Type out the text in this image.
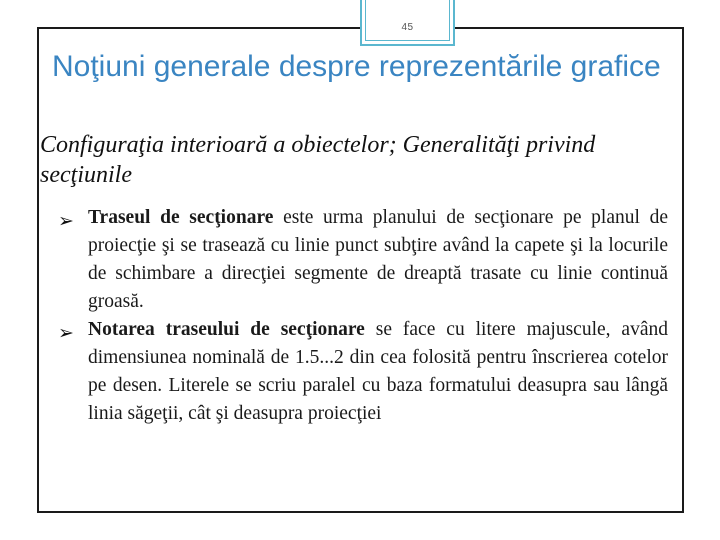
45
Noţiuni generale despre reprezentările grafice

Configuraţia interioară a obiectelor; Generalităţi privind secţiunile

➢ Traseul de secţionare este urma planului de secţionare pe planul de proiecţie şi se trasează cu linie punct subţire având la capete şi la locurile de schimbare a direcţiei segmente de dreaptă trasate cu linie continuă groasă.
➢ Notarea traseului de secţionare se face cu litere majuscule, având dimensiunea nominală de 1.5...2 din cea folosită pentru înscrierea cotelor pe desen. Literele se scriu paralel cu baza formatului deasupra sau lângă linia săgeţii, cât şi deasupra proiecţiei
